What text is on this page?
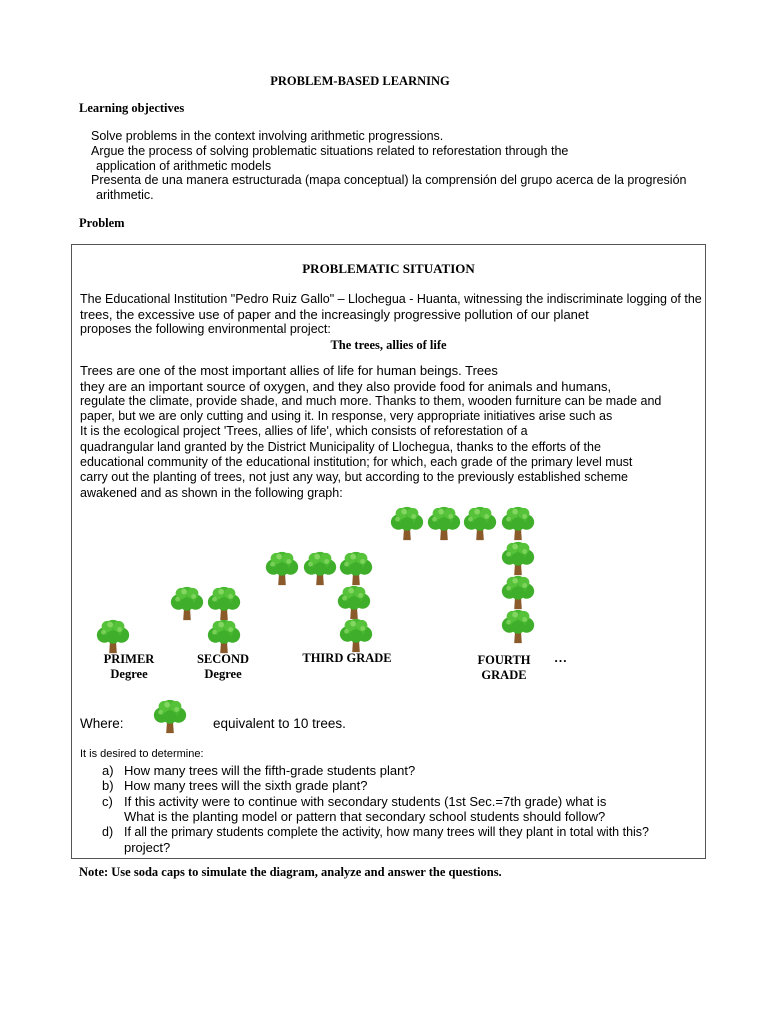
PROBLEM-BASED LEARNING
Learning objectives
Solve problems in the context involving arithmetic progressions.
Argue the process of solving problematic situations related to reforestation through the
application of arithmetic models
Presenta de una manera estructurada (mapa conceptual) la comprensión del grupo acerca de la progresión
arithmetic.
Problem
PROBLEMATIC SITUATION
The Educational Institution "Pedro Ruiz Gallo" – Llochegua - Huanta, witnessing the indiscriminate logging of the
trees, the excessive use of paper and the increasingly progressive pollution of our planet
proposes the following environmental project:
The trees, allies of life
Trees are one of the most important allies of life for human beings. Trees
they are an important source of oxygen, and they also provide food for animals and humans,
regulate the climate, provide shade, and much more. Thanks to them, wooden furniture can be made and
paper, but we are only cutting and using it. In response, very appropriate initiatives arise such as
It is the ecological project 'Trees, allies of life', which consists of reforestation of a
quadrangular land granted by the District Municipality of Llochegua, thanks to the efforts of the
educational community of the educational institution; for which, each grade of the primary level must
carry out the planting of trees, not just any way, but according to the previously established scheme
awakened and as shown in the following graph:
PRIMER
Degree
SECOND
Degree
THIRD GRADE	FOURTH
GRADE
…
Where:	equivalent to 10 trees.
It is desired to determine:
a) How many trees will the fifth-grade students plant?
b) How many trees will the sixth grade plant?
c) If this activity were to continue with secondary students (1st Sec.=7th grade) what is
What is the planting model or pattern that secondary school students should follow?
d) If all the primary students complete the activity, how many trees will they plant in total with this?
project?
Note: Use soda caps to simulate the diagram, analyze and answer the questions.
